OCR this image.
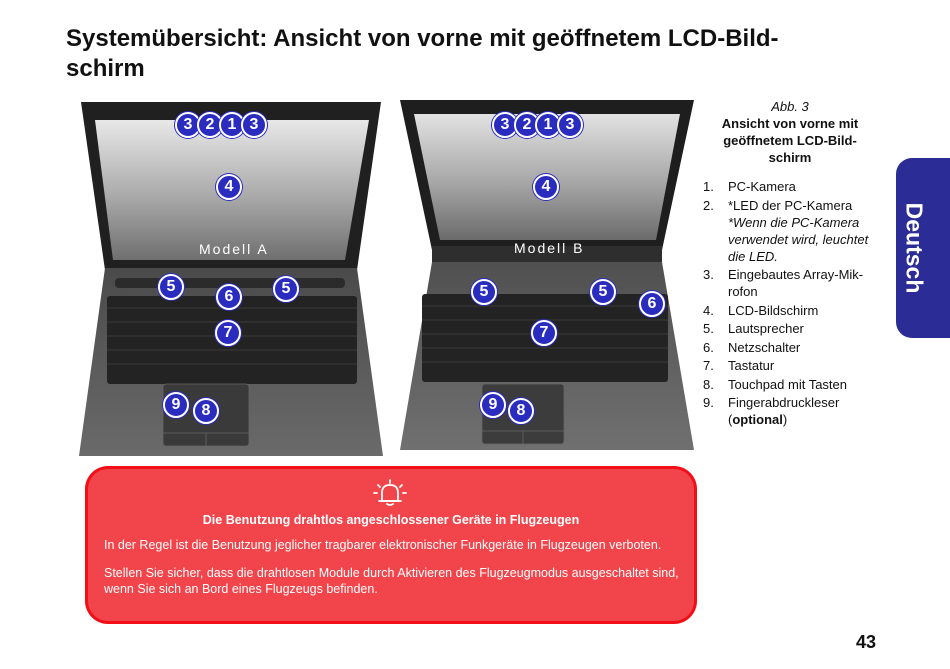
Systemübersicht: Ansicht von vorne mit geöffnetem LCD-Bild-schirm
Deutsch
Modell A
3 2 1 3
4
5	5
6
7
9	8
Modell B
3 2 1 3
4
5	5
6
7
9	8
Abb. 3
Ansicht von vorne mit geöffnetem LCD-Bild-schirm
1. PC-Kamera
2. *LED der PC-Kamera
*Wenn die PC-Kamera verwendet wird, leuchtet die LED.
3. Eingebautes Array-Mik-rofon
4. LCD-Bildschirm
5. Lautsprecher
6. Netzschalter
7. Tastatur
8. Touchpad mit Tasten
9. Fingerabdruckleser
(optional)
Die Benutzung drahtlos angeschlossener Geräte in Flugzeugen
In der Regel ist die Benutzung jeglicher tragbarer elektronischer Funkgeräte in Flugzeugen verboten.
Stellen Sie sicher, dass die drahtlosen Module durch Aktivieren des Flugzeugmodus ausgeschaltet sind, wenn Sie sich an Bord eines Flugzeugs befinden.
43
